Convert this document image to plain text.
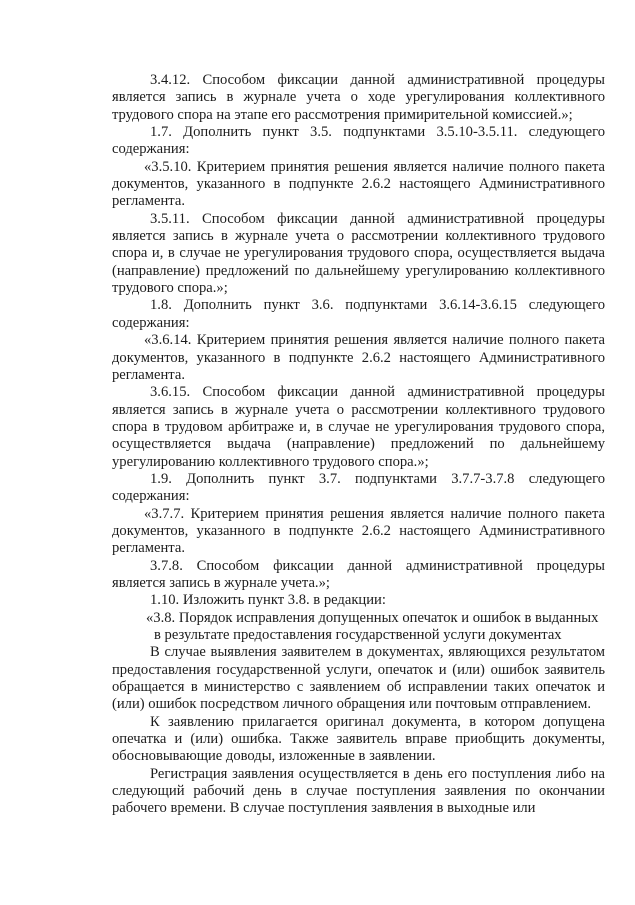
3.4.12. Способом фиксации данной административной процедуры является запись в журнале учета о ходе урегулирования коллективного трудового спора на этапе его рассмотрения примирительной комиссией.»;

1.7. Дополнить пункт 3.5. подпунктами 3.5.10-3.5.11. следующего содержания:

«3.5.10. Критерием принятия решения является наличие полного пакета документов, указанного в подпункте 2.6.2 настоящего Административного регламента.

3.5.11. Способом фиксации данной административной процедуры является запись в журнале учета о рассмотрении коллективного трудового спора и, в случае не урегулирования трудового спора, осуществляется выдача (направление) предложений по дальнейшему урегулированию коллективного трудового спора.»;

1.8. Дополнить пункт 3.6. подпунктами 3.6.14-3.6.15 следующего содержания:

«3.6.14. Критерием принятия решения является наличие полного пакета документов, указанного в подпункте 2.6.2 настоящего Административного регламента.

3.6.15. Способом фиксации данной административной процедуры является запись в журнале учета о рассмотрении коллективного трудового спора в трудовом арбитраже и, в случае не урегулирования трудового спора, осуществляется выдача (направление) предложений по дальнейшему урегулированию коллективного трудового спора.»;

1.9. Дополнить пункт 3.7. подпунктами 3.7.7-3.7.8 следующего содержания:

«3.7.7. Критерием принятия решения является наличие полного пакета документов, указанного в подпункте 2.6.2 настоящего Административного регламента.

3.7.8. Способом фиксации данной административной процедуры является запись в журнале учета.»;

1.10. Изложить пункт 3.8. в редакции:

«3.8. Порядок исправления допущенных опечаток и ошибок в выданных

в результате предоставления государственной услуги документах

В случае выявления заявителем в документах, являющихся результатом предоставления государственной услуги, опечаток и (или) ошибок заявитель обращается в министерство с заявлением об исправлении таких опечаток и (или) ошибок посредством личного обращения или почтовым отправлением.

К заявлению прилагается оригинал документа, в котором допущена опечатка и (или) ошибка. Также заявитель вправе приобщить документы, обосновывающие доводы, изложенные в заявлении.

Регистрация заявления осуществляется в день его поступления либо на следующий рабочий день в случае поступления заявления по окончании рабочего времени. В случае поступления заявления в выходные или
